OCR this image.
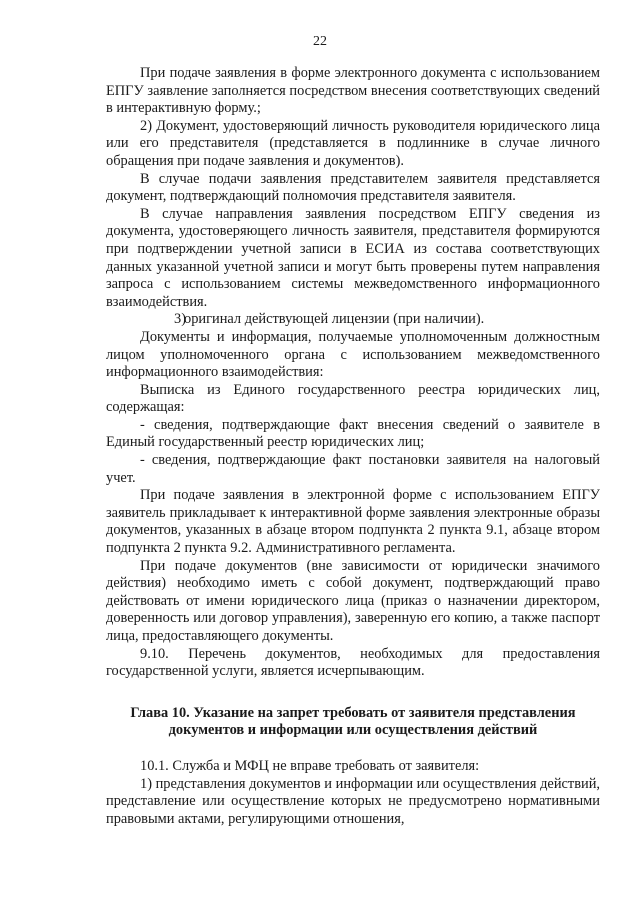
22

При подаче заявления в форме электронного документа с использованием ЕПГУ заявление заполняется посредством внесения соответствующих сведений в интерактивную форму.;

2) Документ, удостоверяющий личность руководителя юридического лица или его представителя (представляется в подлиннике в случае личного обращения при подаче заявления и документов).

В случае подачи заявления представителем заявителя представляется документ, подтверждающий полномочия представителя заявителя.

В случае направления заявления посредством ЕПГУ сведения из документа, удостоверяющего личность заявителя, представителя формируются при подтверждении учетной записи в ЕСИА из состава соответствующих данных указанной учетной записи и могут быть проверены путем направления запроса с использованием системы межведомственного информационного взаимодействия.

3)оригинал действующей лицензии (при наличии).

Документы и информация, получаемые уполномоченным должностным лицом уполномоченного органа с использованием межведомственного информационного взаимодействия:

Выписка из Единого государственного реестра юридических лиц, содержащая:

- сведения, подтверждающие факт внесения сведений о заявителе в Единый государственный реестр юридических лиц;

- сведения, подтверждающие факт постановки заявителя на налоговый учет.

При подаче заявления в электронной форме с использованием ЕПГУ заявитель прикладывает к интерактивной форме заявления электронные образы документов, указанных в абзаце втором подпункта 2 пункта 9.1, абзаце втором подпункта 2 пункта 9.2. Административного регламента.

При подаче документов (вне зависимости от юридически значимого действия) необходимо иметь с собой документ, подтверждающий право действовать от имени юридического лица (приказ о назначении директором, доверенность или договор управления), заверенную его копию, а также паспорт лица, предоставляющего документы.

9.10. Перечень документов, необходимых для предоставления государственной услуги, является исчерпывающим.

Глава 10. Указание на запрет требовать от заявителя представления документов и информации или осуществления действий

10.1. Служба и МФЦ не вправе требовать от заявителя:

1) представления документов и информации или осуществления действий, представление или осуществление которых не предусмотрено нормативными правовыми актами, регулирующими отношения,
